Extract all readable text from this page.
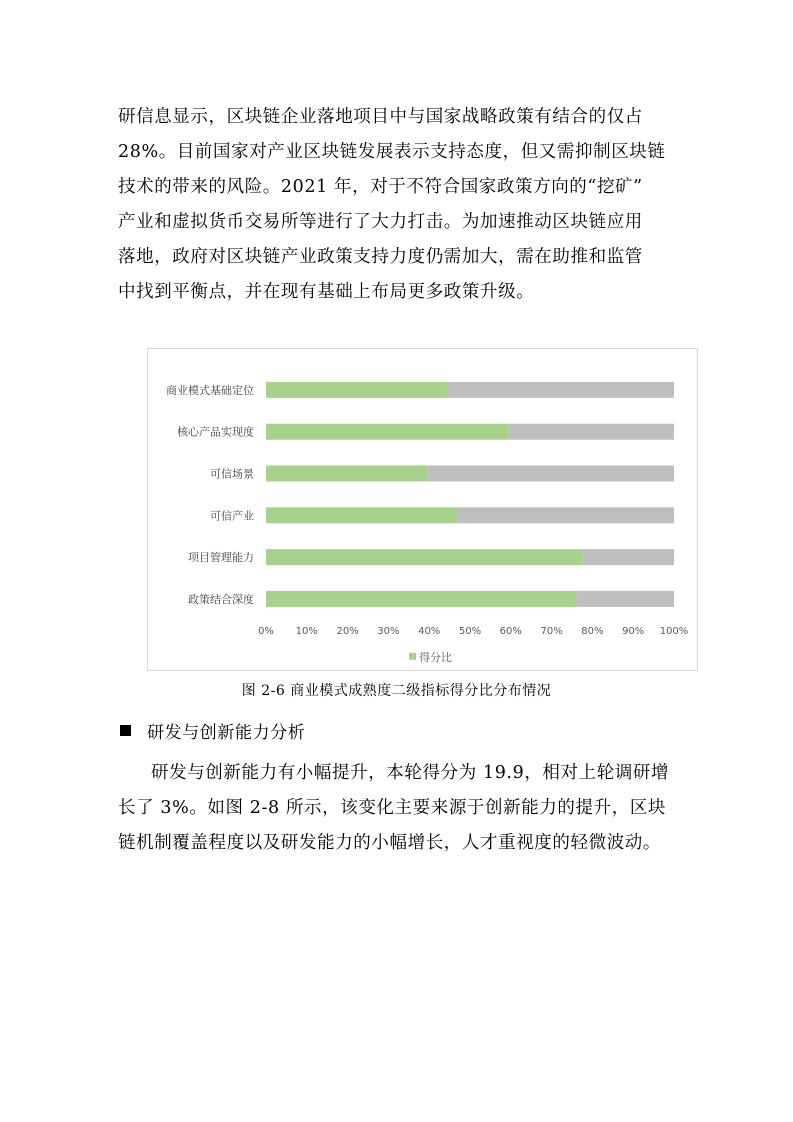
研信息显示，区块链企业落地项目中与国家战略政策有结合的仅占
28%。目前国家对产业区块链发展表示支持态度，但又需抑制区块链
技术的带来的风险。2021 年，对于不符合国家政策方向的“挖矿”
产业和虚拟货币交易所等进行了大力打击。为加速推动区块链应用
落地，政府对区块链产业政策支持力度仍需加大，需在助推和监管
中找到平衡点，并在现有基础上布局更多政策升级。
商业模式基础定位
核心产品实现度
可信场景
可信产业
项目管理能力
政策结合深度
0% 10% 20% 30% 40% 50% 60% 70% 80% 90% 100%
得分比
图 2-6 商业模式成熟度二级指标得分比分布情况
研发与创新能力分析
研发与创新能力有小幅提升，本轮得分为 19.9，相对上轮调研增
长了 3%。如图 2-8 所示，该变化主要来源于创新能力的提升，区块
链机制覆盖程度以及研发能力的小幅增长，人才重视度的轻微波动。
